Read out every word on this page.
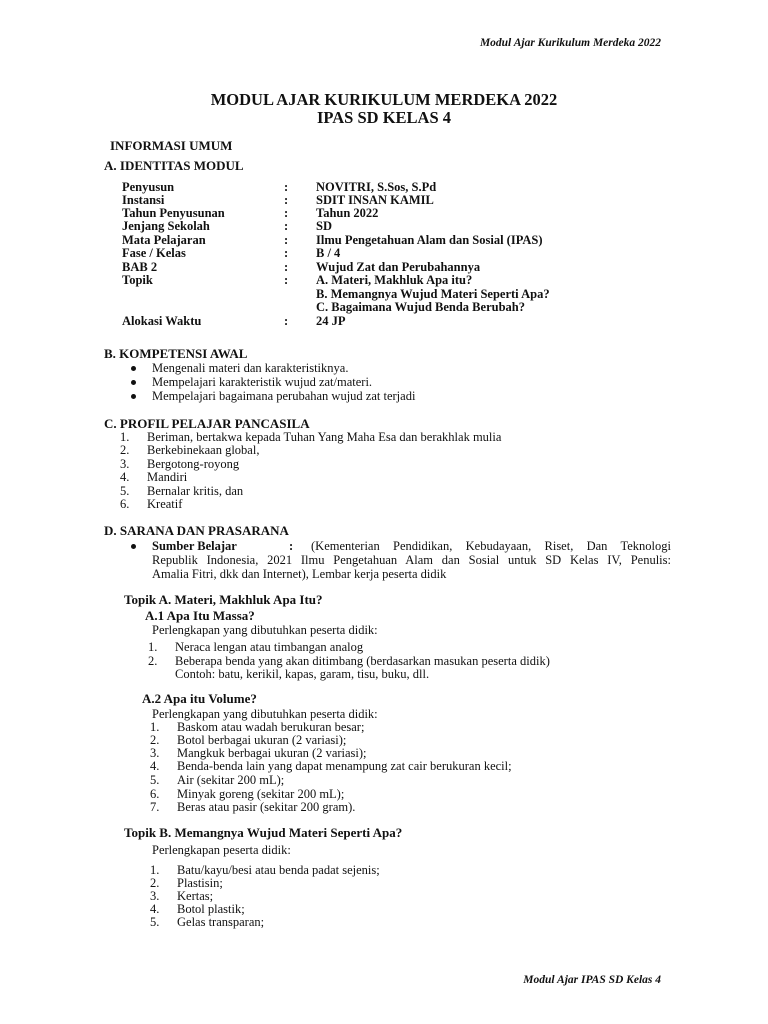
Modul Ajar Kurikulum Merdeka 2022
MODUL AJAR KURIKULUM MERDEKA 2022
IPAS SD KELAS 4
INFORMASI UMUM
A. IDENTITAS MODUL
Penyusun	: NOVITRI, S.Sos, S.Pd
Instansi	: SDIT INSAN KAMIL
Tahun Penyusunan	: Tahun 2022
Jenjang Sekolah	: SD
Mata Pelajaran	: Ilmu Pengetahuan Alam dan Sosial (IPAS)
Fase / Kelas	: B / 4
BAB 2	: Wujud Zat dan Perubahannya
Topik	: A. Materi, Makhluk Apa itu?
B. Memangnya Wujud Materi Seperti Apa?
C. Bagaimana Wujud Benda Berubah?
Alokasi Waktu	: 24 JP
B. KOMPETENSI AWAL
Mengenali materi dan karakteristiknya.
Mempelajari karakteristik wujud zat/materi.
Mempelajari bagaimana perubahan wujud zat terjadi
C. PROFIL PELAJAR PANCASILA
1. Beriman, bertakwa kepada Tuhan Yang Maha Esa dan berakhlak mulia
2. Berkebinekaan global,
3. Bergotong-royong
4. Mandiri
5. Bernalar kritis, dan
6. Kreatif
D. SARANA DAN PRASARANA
Sumber Belajar	: (Kementerian Pendidikan, Kebudayaan, Riset, Dan Teknologi
Republik Indonesia, 2021 Ilmu Pengetahuan Alam dan Sosial untuk SD Kelas IV, Penulis:
Amalia Fitri, dkk dan Internet), Lembar kerja peserta didik
Topik A. Materi, Makhluk Apa Itu?
A.1 Apa Itu Massa?
Perlengkapan yang dibutuhkan peserta didik:
1. Neraca lengan atau timbangan analog
2. Beberapa benda yang akan ditimbang (berdasarkan masukan peserta didik)
Contoh: batu, kerikil, kapas, garam, tisu, buku, dll.
A.2 Apa itu Volume?
Perlengkapan yang dibutuhkan peserta didik:
1. Baskom atau wadah berukuran besar;
2. Botol berbagai ukuran (2 variasi);
3. Mangkuk berbagai ukuran (2 variasi);
4. Benda-benda lain yang dapat menampung zat cair berukuran kecil;
5. Air (sekitar 200 mL);
6. Minyak goreng (sekitar 200 mL);
7. Beras atau pasir (sekitar 200 gram).
Topik B. Memangnya Wujud Materi Seperti Apa?
Perlengkapan peserta didik:
1. Batu/kayu/besi atau benda padat sejenis;
2. Plastisin;
3. Kertas;
4. Botol plastik;
5. Gelas transparan;
Modul Ajar IPAS SD Kelas 4
